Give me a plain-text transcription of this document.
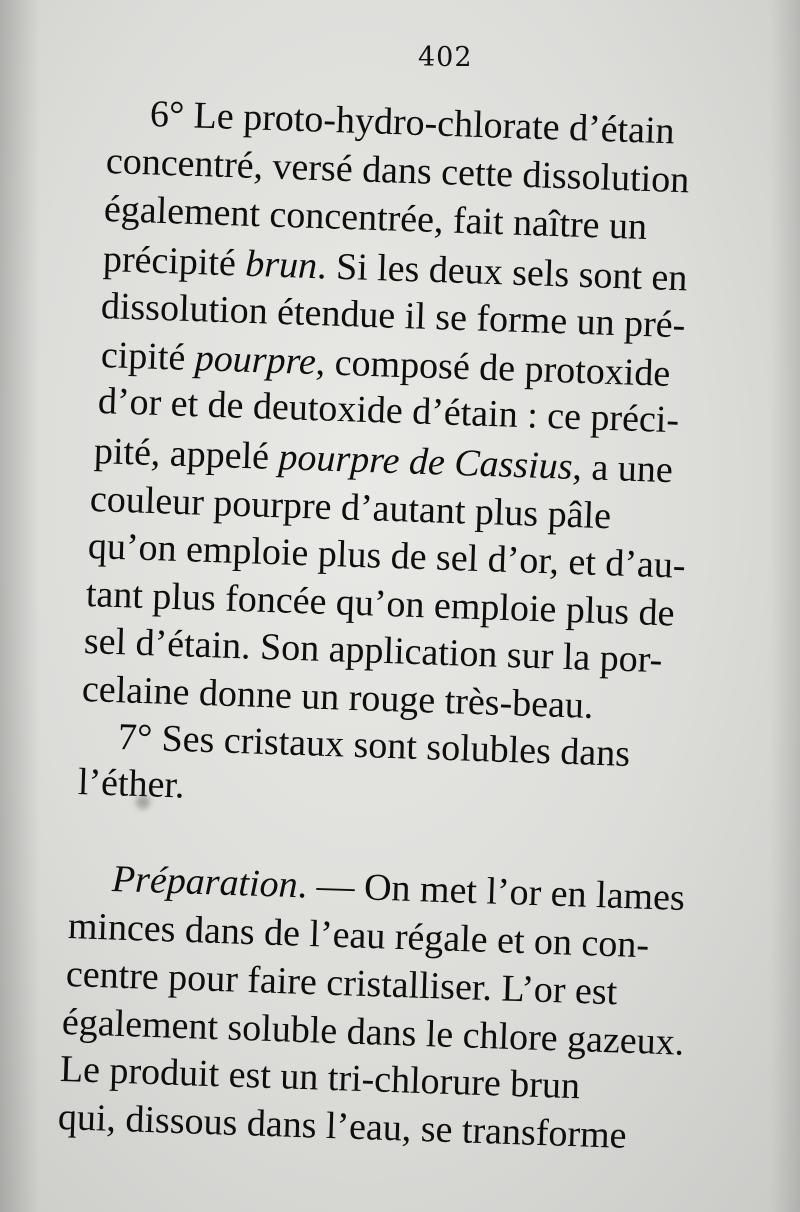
402
6° Le proto-hydro-chlorate d’étain
concentré, versé dans cette dissolution
également concentrée, fait naître un
précipité brun. Si les deux sels sont en
dissolution étendue il se forme un pré-
cipité pourpre, composé de protoxide
d’or et de deutoxide d’étain : ce préci-
pité, appelé pourpre de Cassius, a une
couleur pourpre d’autant plus pâle
qu’on emploie plus de sel d’or, et d’au-
tant plus foncée qu’on emploie plus de
sel d’étain. Son application sur la por-
celaine donne un rouge très-beau.
7° Ses cristaux sont solubles dans
l’éther.
Préparation. — On met l’or en lames
minces dans de l’eau régale et on con-
centre pour faire cristalliser. L’or est
également soluble dans le chlore gazeux.
Le produit est un tri-chlorure brun
qui, dissous dans l’eau, se transforme
